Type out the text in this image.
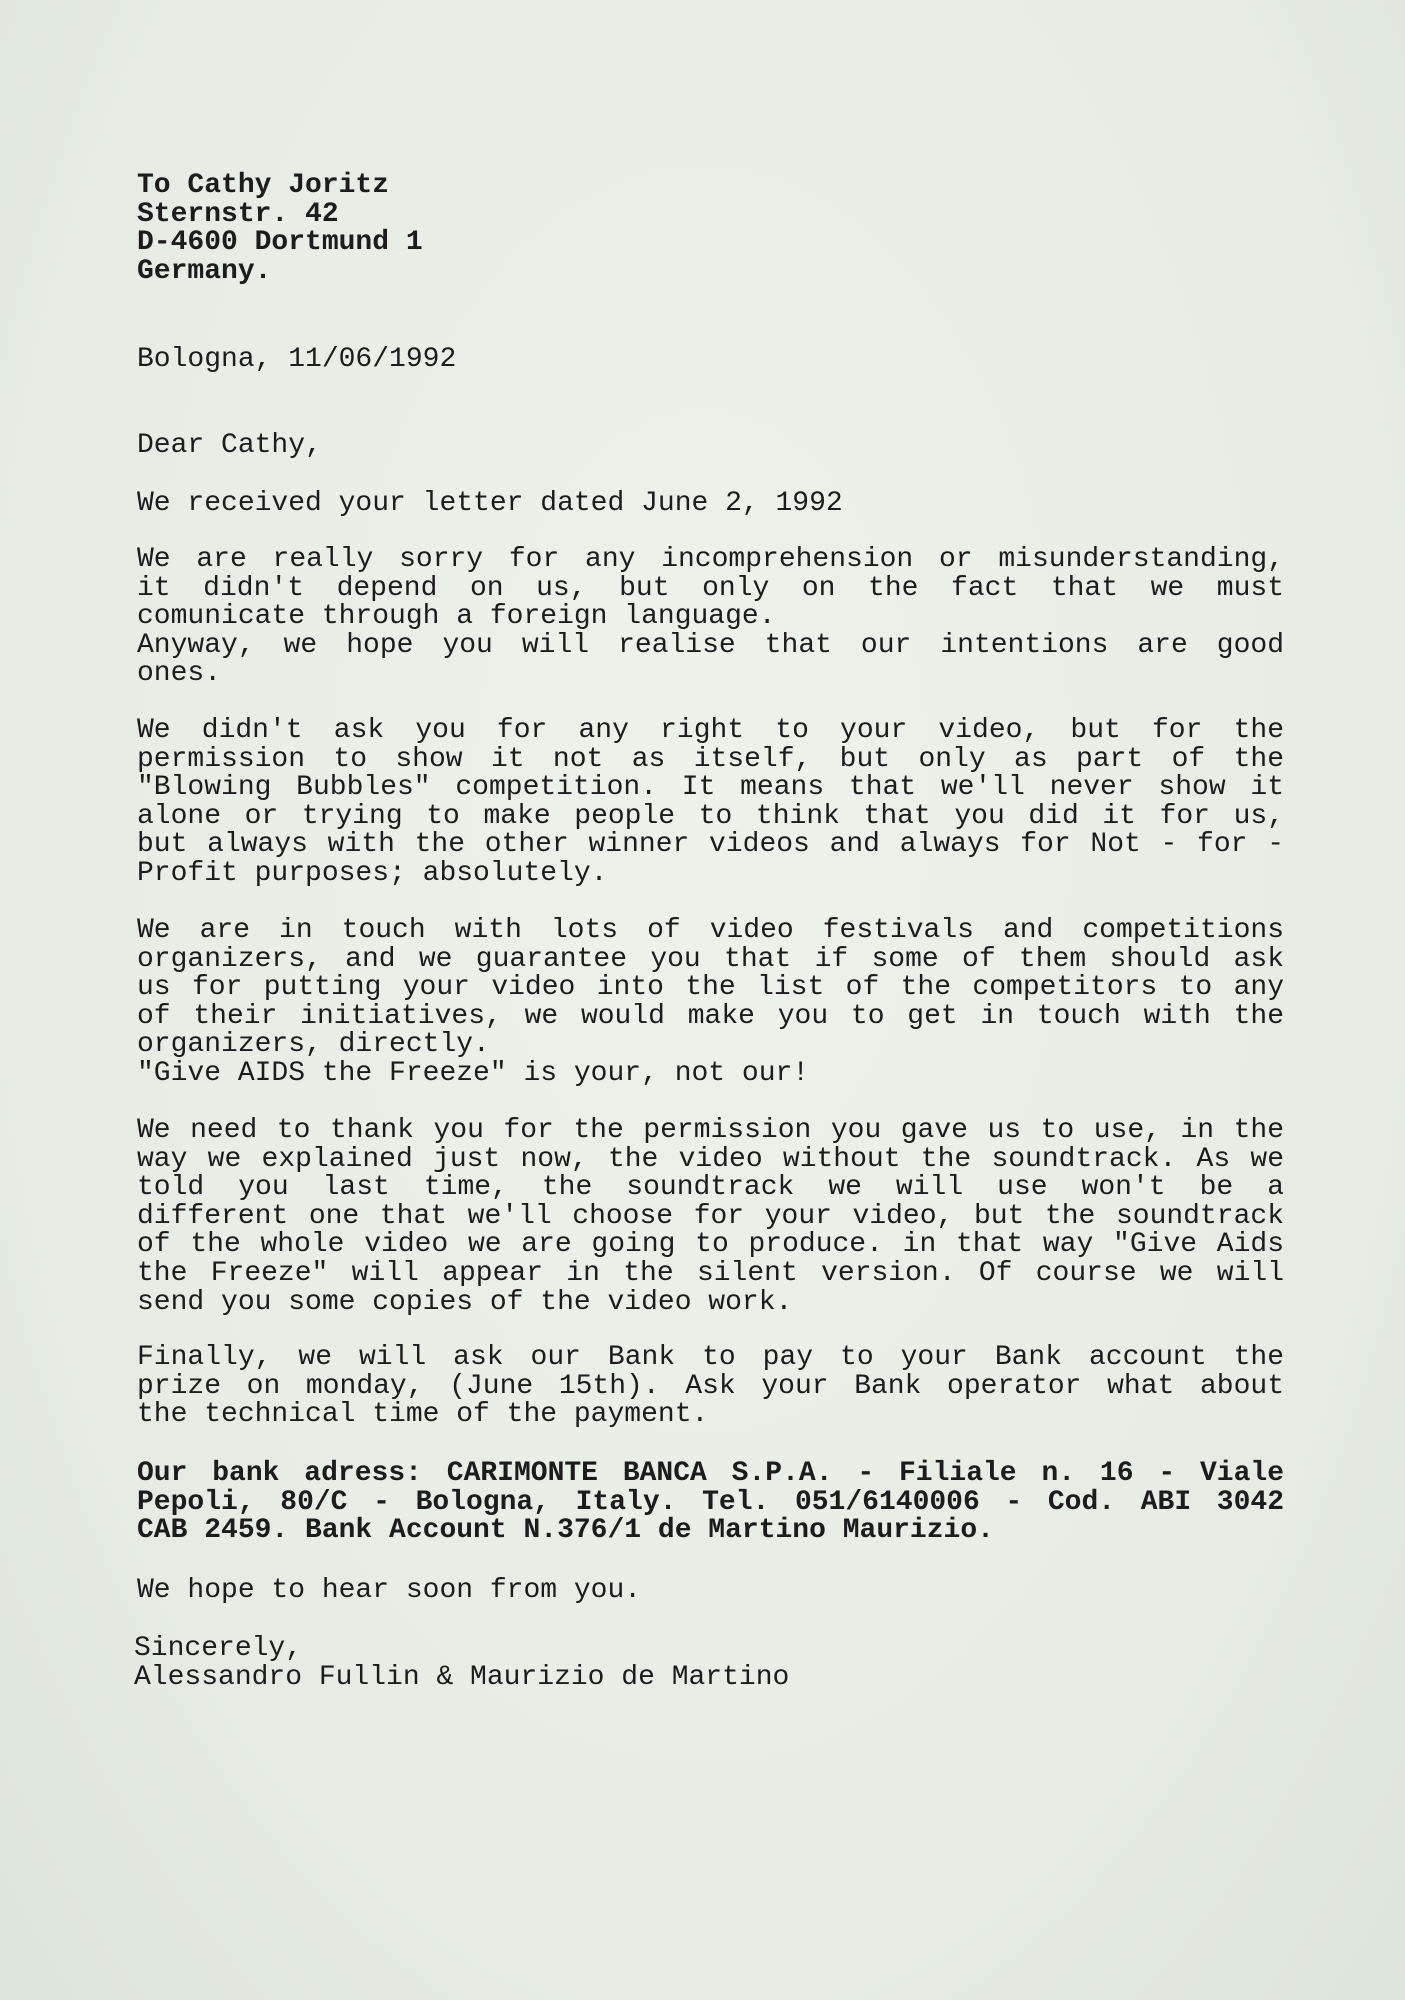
To Cathy Joritz
Sternstr. 42
D-4600 Dortmund 1
Germany.
Bologna, 11/06/1992
Dear Cathy,
We received your letter dated June 2, 1992
We are really sorry for any incomprehension or misunderstanding,
it didn't depend on us, but only on the fact that we must
comunicate through a foreign language.
Anyway, we hope you will realise that our intentions are good
ones.
We didn't ask you for any right to your video, but for the
permission to show it not as itself, but only as part of the
"Blowing Bubbles" competition. It means that we'll never show it
alone or trying to make people to think that you did it for us,
but always with the other winner videos and always for Not - for -
Profit purposes; absolutely.
We are in touch with lots of video festivals and competitions
organizers, and we guarantee you that if some of them should ask
us for putting your video into the list of the competitors to any
of their initiatives, we would make you to get in touch with the
organizers, directly.
"Give AIDS the Freeze" is your, not our!
We need to thank you for the permission you gave us to use, in the
way we explained just now, the video without the soundtrack. As we
told you last time, the soundtrack we will use won't be a
different one that we'll choose for your video, but the soundtrack
of the whole video we are going to produce. in that way "Give Aids
the Freeze" will appear in the silent version. Of course we will
send you some copies of the video work.
Finally, we will ask our Bank to pay to your Bank account the
prize on monday, (June 15th). Ask your Bank operator what about
the technical time of the payment.
Our bank adress: CARIMONTE BANCA S.P.A. - Filiale n. 16 - Viale
Pepoli, 80/C - Bologna, Italy. Tel. 051/6140006 - Cod. ABI 3042
CAB 2459. Bank Account N.376/1 de Martino Maurizio.
We hope to hear soon from you.
Sincerely,
Alessandro Fullin & Maurizio de Martino
